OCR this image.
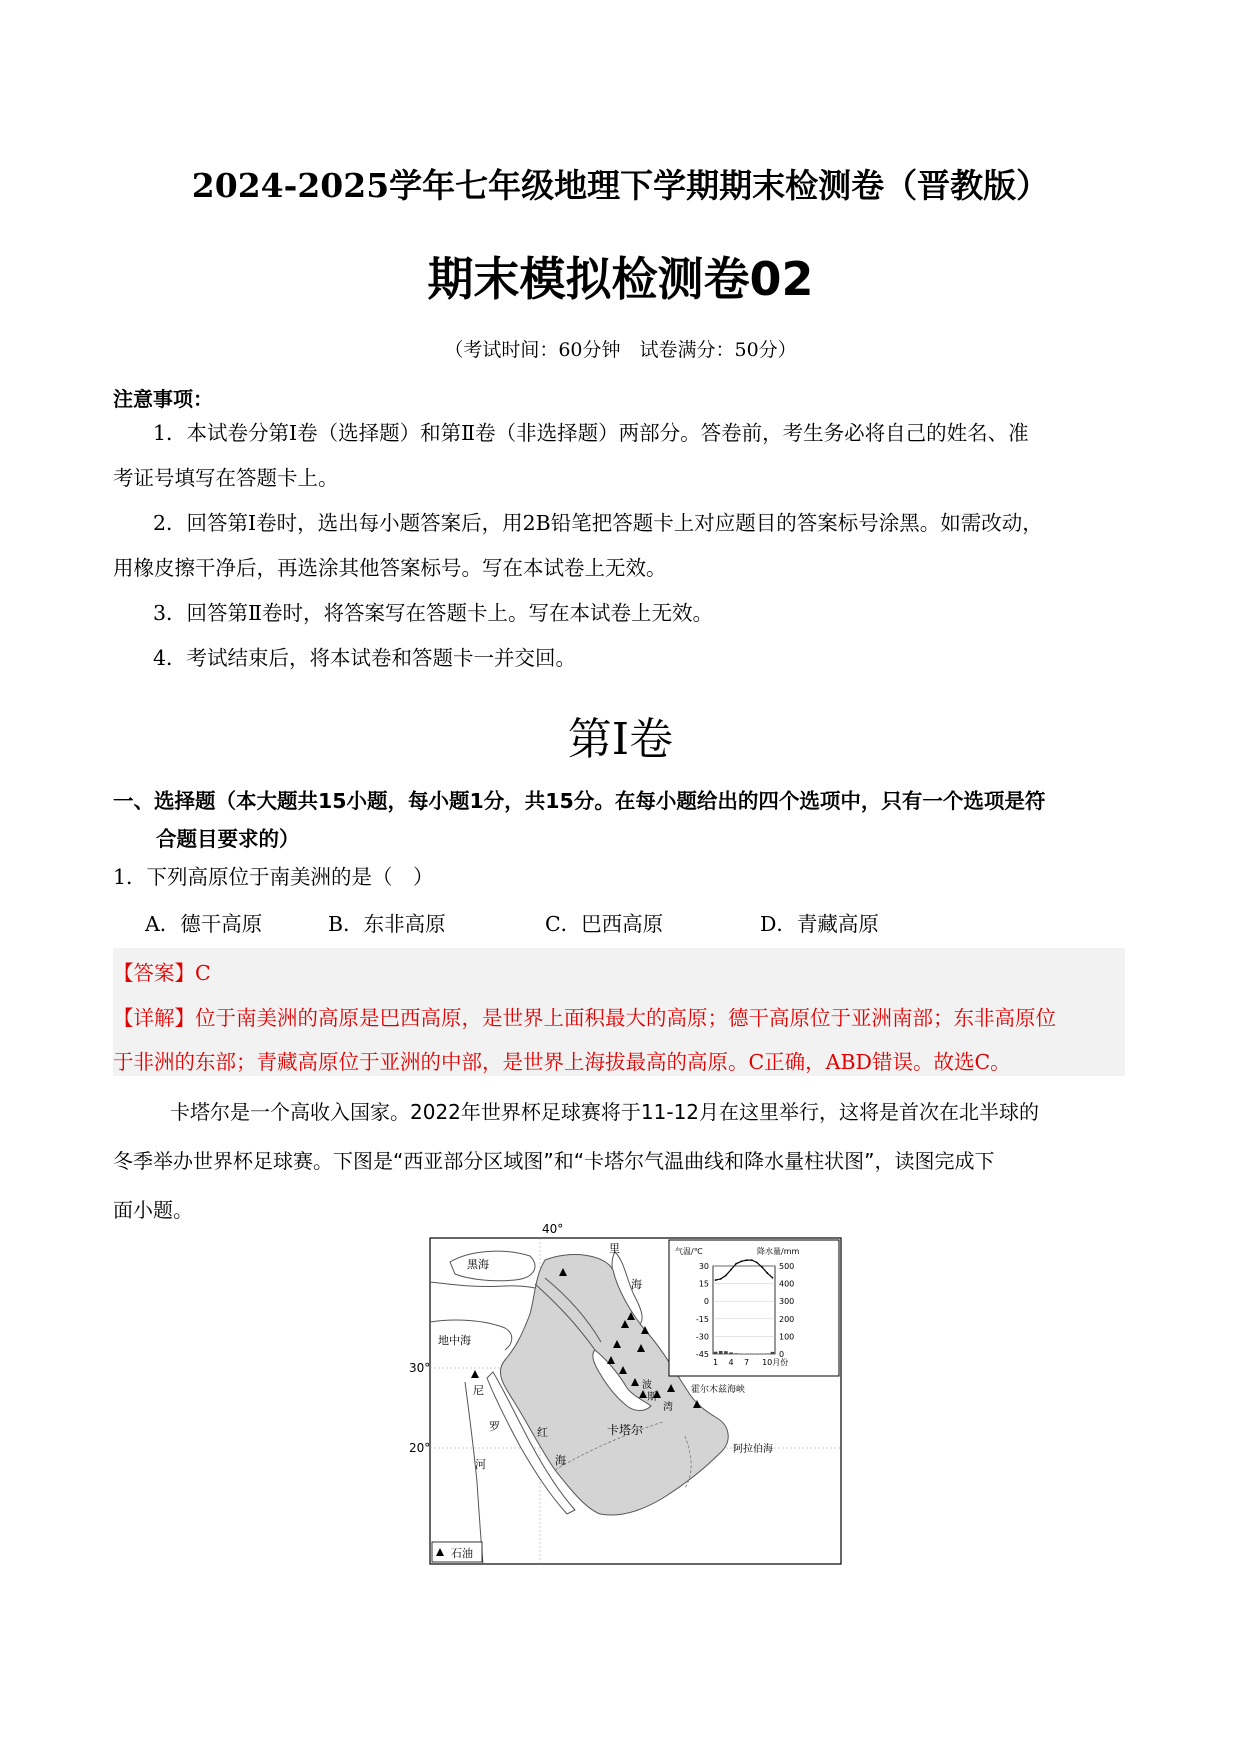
2024-2025学年七年级地理下学期期末检测卷（晋教版）
期末模拟检测卷02
（考试时间：60分钟　试卷满分：50分）
注意事项：
1．本试卷分第Ⅰ卷（选择题）和第Ⅱ卷（非选择题）两部分。答卷前，考生务必将自己的姓名、准
考证号填写在答题卡上。
2．回答第Ⅰ卷时，选出每小题答案后，用2B铅笔把答题卡上对应题目的答案标号涂黑。如需改动，
用橡皮擦干净后，再选涂其他答案标号。写在本试卷上无效。
3．回答第Ⅱ卷时，将答案写在答题卡上。写在本试卷上无效。
4．考试结束后，将本试卷和答题卡一并交回。
第Ⅰ卷
一、选择题（本大题共15小题，每小题1分，共15分。在每小题给出的四个选项中，只有一个选项是符
合题目要求的）
1．下列高原位于南美洲的是（　）
A．德干高原	B．东非高原	C．巴西高原	D．青藏高原
【答案】C
【详解】位于南美洲的高原是巴西高原，是世界上面积最大的高原；德干高原位于亚洲南部；东非高原位
于非洲的东部；青藏高原位于亚洲的中部，是世界上海拔最高的高原。C正确，ABD错误。故选C。
卡塔尔是一个高收入国家。2022年世界杯足球赛将于11-12月在这里举行，这将是首次在北半球的
冬季举办世界杯足球赛。下图是“西亚部分区域图”和“卡塔尔气温曲线和降水量柱状图”，读图完成下
面小题。
40°
黑海
里
海
地中海
30°
20°
尼
罗
河
红
海
波
斯
湾
卡塔尔
阿拉伯海
霍尔木兹海峡
石油
气温/℃	降水量/mm
30
15
0
-15
-30
-45
500
400
300
200
100
0
1 4 7 10月份
